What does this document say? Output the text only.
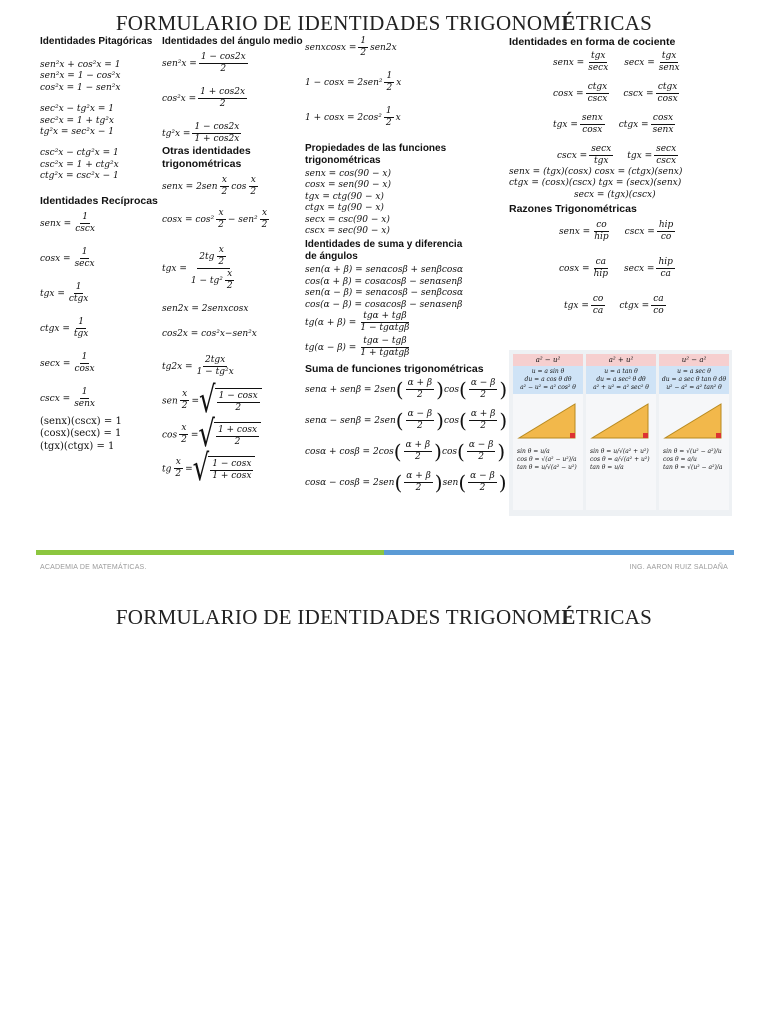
FORMULARIO DE IDENTIDADES TRIGONOMÉTRICAS
Identidades Pitagóricas
sen²x + cos²x = 1
sen²x = 1 − cos²x
cos²x = 1 − sen²x
sec²x − tg²x = 1
sec²x = 1 + tg²x
tg²x = sec²x − 1
csc²x − ctg²x = 1
csc²x = 1 + ctg²x
ctg²x = csc²x − 1
Identidades Recíprocas
senx = $\frac{1}{\csc x}$
$\cos x = \frac{1}{\sec x}$
tgx = $\frac{1}{\text{ctgx}}$
ctgx = $\frac{1}{\text{tgx}}$
$\sec x = \frac{1}{\cos x}$
$\csc x = \frac{1}{\text{senx}}$
(senx)(cscx) = 1
(cosx)(secx) = 1
(tgx)(ctgx) = 1
Identidades del ángulo medio
$sen^2x = \frac{1 - \cos 2x}{2}$
$\cos^2x = \frac{1 + \cos 2x}{2}$
$tg^2x = \frac{1 - \cos 2x}{1 + \cos 2x}$
Otras identidades trigonométricas
senx = $2sen \frac{x}{2}$ $\cos \frac{x}{2}$
$\cos x = \cos^2 \frac{x}{2} - sen^2 \frac{x}{2}$
tgx = $\frac{2tg \frac{x}{2}}{1 - tg^2 \frac{x}{2}}$
sen2x = 2senxcosx
cos2x = cos²x−sen²x
$tg2x = \frac{\text{2tgx}}{\text{1 − tg²x}}$
sen $\frac{x}{2}$ = √ $\frac{1 - \cos x}{2}$
$\cos \frac{x}{2}$ = √ $\frac{1 + \cos x}{2}$
tg $\frac{x}{2}$ = √ $\frac{1 - \cos x}{1 + \cos x}$
senxcosx = $\frac{1}{2} sen2x$
$1 - \cos x = 2sen^2 \frac{1}{2}$ x
$1 + \cos x = 2\cos^2 \frac{1}{2}$ x
Propiedades de las funciones trigonométricas
senx = cos(90 − x)
cosx = sen(90 − x)
tgx = ctg(90 − x)
ctgx = tg(90 − x)
secx = csc(90 − x)
cscx = sec(90 − x)
Identidades de suma y diferencia de ángulos
sen(α + β) = senαcosβ + senβcosα
cos(α + β) = cosαcosβ − senαsenβ
sen(α − β) = senαcosβ − senβcosα
cos(α − β) = cosαcosβ − senαsenβ
$tg(\alpha + \beta) = \frac{\text{tgα + tgβ}}{\text{1 − tgαtgβ}}$
$tg(\alpha - \beta) = \frac{\text{tgα − tgβ}}{\text{1 + tgαtgβ}}$
Suma de funciones trigonométricas
$sen\alpha + sen\beta = 2sen( \frac{\alpha + \beta}{2} )\cos( \frac{\alpha - \beta}{2}$ )
$sen\alpha - sen\beta = 2sen( \frac{\alpha - \beta}{2} )\cos( \frac{\alpha + \beta}{2}$ )
$\cos\alpha + \cos\beta = 2\cos( \frac{\alpha + \beta}{2} )\cos( \frac{\alpha - \beta}{2}$ )
$\cos\alpha - \cos\beta = 2sen( \frac{\alpha + \beta}{2} )sen( \frac{\alpha - \beta}{2}$ )
Identidades en forma de cociente
senx = $\frac{\text{tgx}}{\sec x}$ $\sec x = \frac{\text{tgx}}{\text{senx}}$
$\cos x = \frac{\text{ctgx}}{\csc x}$ $\csc x = \frac{\text{ctgx}}{\cos x}$
tgx = $\frac{\text{senx}}{\cos x}$ ctgx = $\frac{\cos x}{\text{senx}}$
$\csc x = \frac{\sec x}{\text{tgx}}$ tgx = $\frac{\sec x}{\csc x}$
senx = (tgx)(cosx) cosx = (ctgx)(senx)
ctgx = (cosx)(cscx) tgx = (secx)(senx)
secx = (tgx)(cscx)
Razones Trigonométricas
senx = $\frac{co}{\text{hip}}$ $\csc x = \frac{\text{hip}}{co}$
$\cos x = \frac{ca}{\text{hip}}$ $\sec x = \frac{\text{hip}}{ca}$
tgx = $\frac{co}{ca}$ ctgx = $\frac{ca}{co}$
a² − u²
u = a sin θ
du = a cos θ dθ
a² − u² = a² cos² θ
sin θ = u/a
cos θ = √(a² − u²)/a
tan θ = u/√(a² − u²)
a² + u²
u = a tan θ
du = a sec² θ dθ
a² + u² = a² sec² θ
sin θ = u/√(a² + u²)
cos θ = a/√(a² + u²)
tan θ = u/a
u² − a²
u = a sec θ
du = a sec θ tan θ dθ
u² − a² = a² tan² θ
sin θ = √(u² − a²)/u
cos θ = a/u
tan θ = √(u² − a²)/a
ACADEMIA DE MATEMÁTICAS.	ING. AARON RUIZ SALDAÑA
FORMULARIO DE IDENTIDADES TRIGONOMÉTRICAS
